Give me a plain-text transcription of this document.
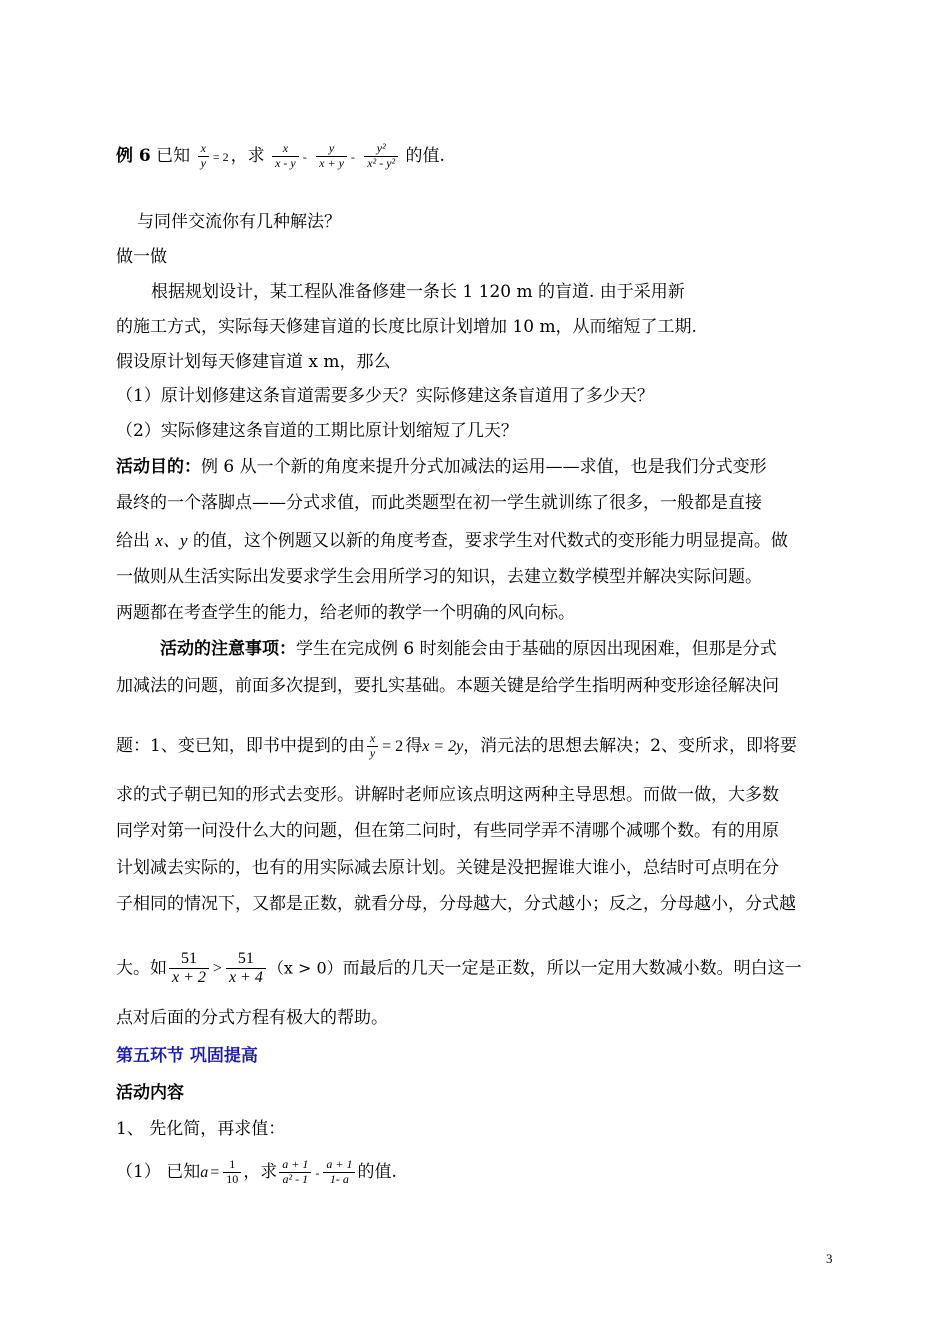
例 6 已知 $\frac{x}{y} = 2$ ，求 $\frac{x}{x - y} - \frac{y}{x + y} - \frac{\text{y²}}{\text{x² - y²}}$ 的值.
与同伴交流你有几种解法？
做一做
根据规划设计，某工程队准备修建一条长 1 120 m 的盲道. 由于采用新
的施工方式，实际每天修建盲道的长度比原计划增加 10 m，从而缩短了工期.
假设原计划每天修建盲道 x m，那么
（1）原计划修建这条盲道需要多少天？实际修建这条盲道用了多少天？
（2）实际修建这条盲道的工期比原计划缩短了几天？
活动目的：例 6 从一个新的角度来提升分式加减法的运用——求值，也是我们分式变形
最终的一个落脚点——分式求值，而此类题型在初一学生就训练了很多，一般都是直接
给出 x、y 的值，这个例题又以新的角度考查，要求学生对代数式的变形能力明显提高。做
一做则从生活实际出发要求学生会用所学习的知识，去建立数学模型并解决实际问题。
两题都在考查学生的能力，给老师的教学一个明确的风向标。
活动的注意事项：学生在完成例 6 时刻能会由于基础的原因出现困难，但那是分式
加减法的问题，前面多次提到，要扎实基础。本题关键是给学生指明两种变形途径解决问
题：1、变已知，即书中提到的由 $\frac{x}{y} = 2$ 得x = 2y，消元法的思想去解决；2、变所求，即将要
求的式子朝已知的形式去变形。讲解时老师应该点明这两种主导思想。而做一做，大多数
同学对第一问没什么大的问题，但在第二问时，有些同学弄不清哪个减哪个数。有的用原
计划减去实际的，也有的用实际减去原计划。关键是没把握谁大谁小，总结时可点明在分
子相同的情况下，又都是正数，就看分母，分母越大，分式越小；反之，分母越小，分式越
大。如 $\frac{51}{x + 2} > \frac{51}{x + 4} (x > 0)$而最后的几天一定是正数，所以一定用大数减小数。明白这一
点对后面的分式方程有极大的帮助。
第五环节 巩固提高
活动内容
1、 先化简，再求值：
（1） 已知$a = \frac{1}{10}$ ，求 $\frac{a + 1}{\text{a² - 1}} - \frac{a + 1}{1- a}$ 的值.
3
